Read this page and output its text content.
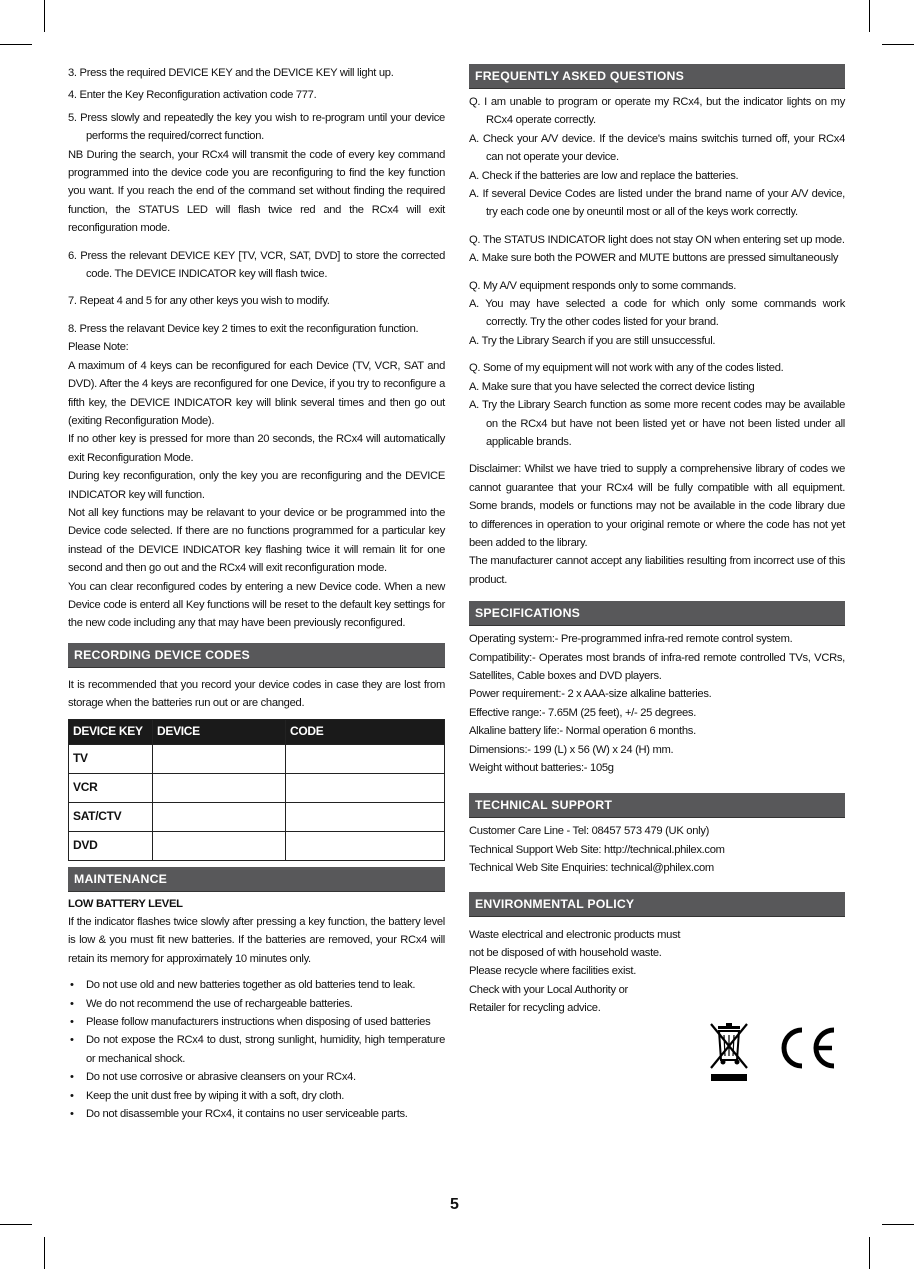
3. Press the required DEVICE KEY and the DEVICE KEY will light up.

4. Enter the Key Reconfiguration activation code 777.

5. Press slowly and repeatedly the key you wish to re-program until your device performs the required/correct function.

NB During the search, your RCx4 will transmit the code of every key command programmed into the device code you are reconfiguring to find the key function you want. If you reach the end of the command set without finding the required function, the STATUS LED will flash twice red and the RCx4 will exit reconfiguration mode.

6. Press the relevant DEVICE KEY [TV, VCR, SAT, DVD] to store the corrected code. The DEVICE INDICATOR key will flash twice.

7. Repeat 4 and 5 for any other keys you wish to modify.

8. Press the relavant Device key 2 times to exit the reconfiguration function.

Please Note:

A maximum of 4 keys can be reconfigured for each Device (TV, VCR, SAT and DVD). After the 4 keys are reconfigured for one Device, if you try to reconfigure a fifth key, the DEVICE INDICATOR key will blink several times and then go out (exiting Reconfiguration Mode).

If no other key is pressed for more than 20 seconds, the RCx4 will automatically exit Reconfiguration Mode.

During key reconfiguration, only the key you are reconfiguring and the DEVICE INDICATOR key will function.

Not all key functions may be relavant to your device or be programmed into the Device code selected. If there are no functions programmed for a particular key instead of the DEVICE INDICATOR key flashing twice it will remain lit for one second and then go out and the RCx4 will exit reconfiguration mode.

You can clear reconfigured codes by entering a new Device code. When a new Device code is enterd all Key functions will be reset to the default key settings for the new code including any that may have been previously reconfigured.

RECORDING DEVICE CODES

It is recommended that you record your device codes in case they are lost from storage when the batteries run out or are changed.

DEVICE KEY	DEVICE	CODE
TV		
VCR		
SAT/CTV		
DVD		
MAINTENANCE

LOW BATTERY LEVEL

If the indicator flashes twice slowly after pressing a key function, the battery level is low & you must fit new batteries. If the batteries are removed, your RCx4 will retain its memory for approximately 10 minutes only.

• Do not use old and new batteries together as old batteries tend to leak.

• We do not recommend the use of rechargeable batteries.

• Please follow manufacturers instructions when disposing of used batteries

• Do not expose the RCx4 to dust, strong sunlight, humidity, high temperature or mechanical shock.

• Do not use corrosive or abrasive cleansers on your RCx4.

• Keep the unit dust free by wiping it with a soft, dry cloth.

• Do not disassemble your RCx4, it contains no user serviceable parts.

FREQUENTLY ASKED QUESTIONS

Q. I am unable to program or operate my RCx4, but the indicator lights on my RCx4 operate correctly.

A. Check your A/V device. If the device's mains switchis turned off, your RCx4 can not operate your device.

A. Check if the batteries are low and replace the batteries.

A. If several Device Codes are listed under the brand name of your A/V device, try each code one by oneuntil most or all of the keys work correctly.

Q. The STATUS INDICATOR light does not stay ON when entering set up mode.

A. Make sure both the POWER and MUTE buttons are pressed simultaneously

Q. My A/V equipment responds only to some commands.

A. You may have selected a code for which only some commands work correctly. Try the other codes listed for your brand.

A. Try the Library Search if you are still unsuccessful.

Q. Some of my equipment will not work with any of the codes listed.

A. Make sure that you have selected the correct device listing

A. Try the Library Search function as some more recent codes may be available on the RCx4 but have not been listed yet or have not been listed under all applicable brands.

Disclaimer: Whilst we have tried to supply a comprehensive library of codes we cannot guarantee that your RCx4 will be fully compatible with all equipment. Some brands, models or functions may not be available in the code library due to differences in operation to your original remote or where the code has not yet been added to the library.

The manufacturer cannot accept any liabilities resulting from incorrect use of this product.

SPECIFICATIONS

Operating system:- Pre-programmed infra-red remote control system.

Compatibility:- Operates most brands of infra-red remote controlled TVs, VCRs, Satellites, Cable boxes and DVD players.

Power requirement:- 2 x AAA-size alkaline batteries.

Effective range:- 7.65M (25 feet), +/- 25 degrees.

Alkaline battery life:- Normal operation 6 months.

Dimensions:- 199 (L) x 56 (W) x 24 (H) mm.

Weight without batteries:- 105g

TECHNICAL SUPPORT

Customer Care Line - Tel: 08457 573 479 (UK only)

Technical Support Web Site: http://technical.philex.com

Technical Web Site Enquiries: technical@philex.com

ENVIRONMENTAL POLICY

Waste electrical and electronic products must

not be disposed of with household waste.

Please recycle where facilities exist.

Check with your Local Authority or

Retailer for recycling advice.

5
